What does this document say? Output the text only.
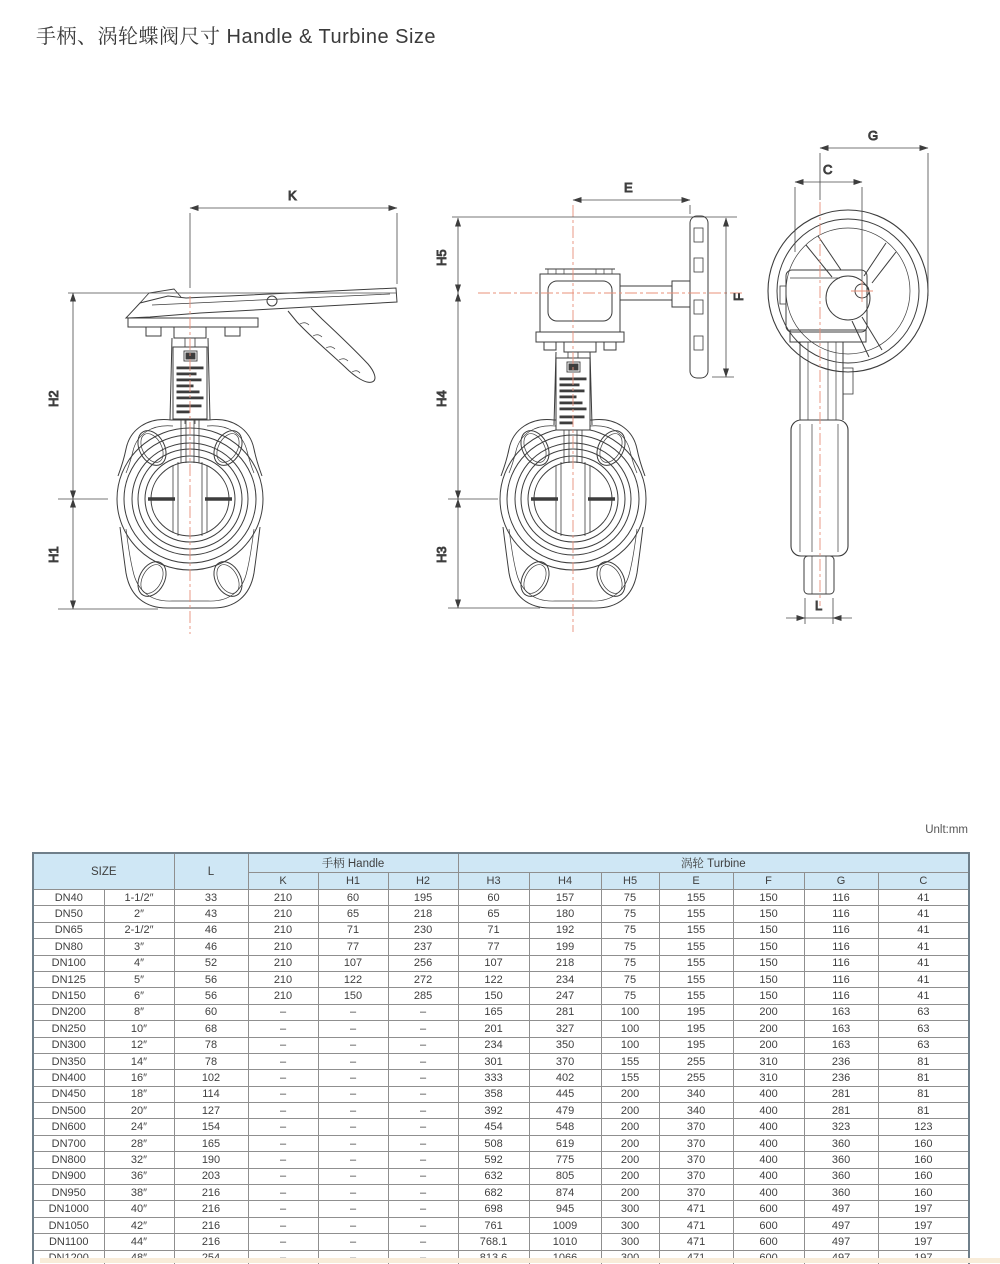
手柄、涡轮蝶阀尺寸 Handle & Turbine Size
K
H2
H1
E
H5
H4
H3
F
G
C
L
Unlt:mm
SIZE		L	手柄 Handle			涡轮 Turbine						
			K	H1	H2	H3	H4	H5	E	F	G	C
DN40	1-1/2″	33	210	60	195	60	157	75	155	150	116	41
DN50	2″	43	210	65	218	65	180	75	155	150	116	41
DN65	2-1/2″	46	210	71	230	71	192	75	155	150	116	41
DN80	3″	46	210	77	237	77	199	75	155	150	116	41
DN100	4″	52	210	107	256	107	218	75	155	150	116	41
DN125	5″	56	210	122	272	122	234	75	155	150	116	41
DN150	6″	56	210	150	285	150	247	75	155	150	116	41
DN200	8″	60	–	–	–	165	281	100	195	200	163	63
DN250	10″	68	–	–	–	201	327	100	195	200	163	63
DN300	12″	78	–	–	–	234	350	100	195	200	163	63
DN350	14″	78	–	–	–	301	370	155	255	310	236	81
DN400	16″	102	–	–	–	333	402	155	255	310	236	81
DN450	18″	114	–	–	–	358	445	200	340	400	281	81
DN500	20″	127	–	–	–	392	479	200	340	400	281	81
DN600	24″	154	–	–	–	454	548	200	370	400	323	123
DN700	28″	165	–	–	–	508	619	200	370	400	360	160
DN800	32″	190	–	–	–	592	775	200	370	400	360	160
DN900	36″	203	–	–	–	632	805	200	370	400	360	160
DN950	38″	216	–	–	–	682	874	200	370	400	360	160
DN1000	40″	216	–	–	–	698	945	300	471	600	497	197
DN1050	42″	216	–	–	–	761	1009	300	471	600	497	197
DN1100	44″	216	–	–	–	768.1	1010	300	471	600	497	197
